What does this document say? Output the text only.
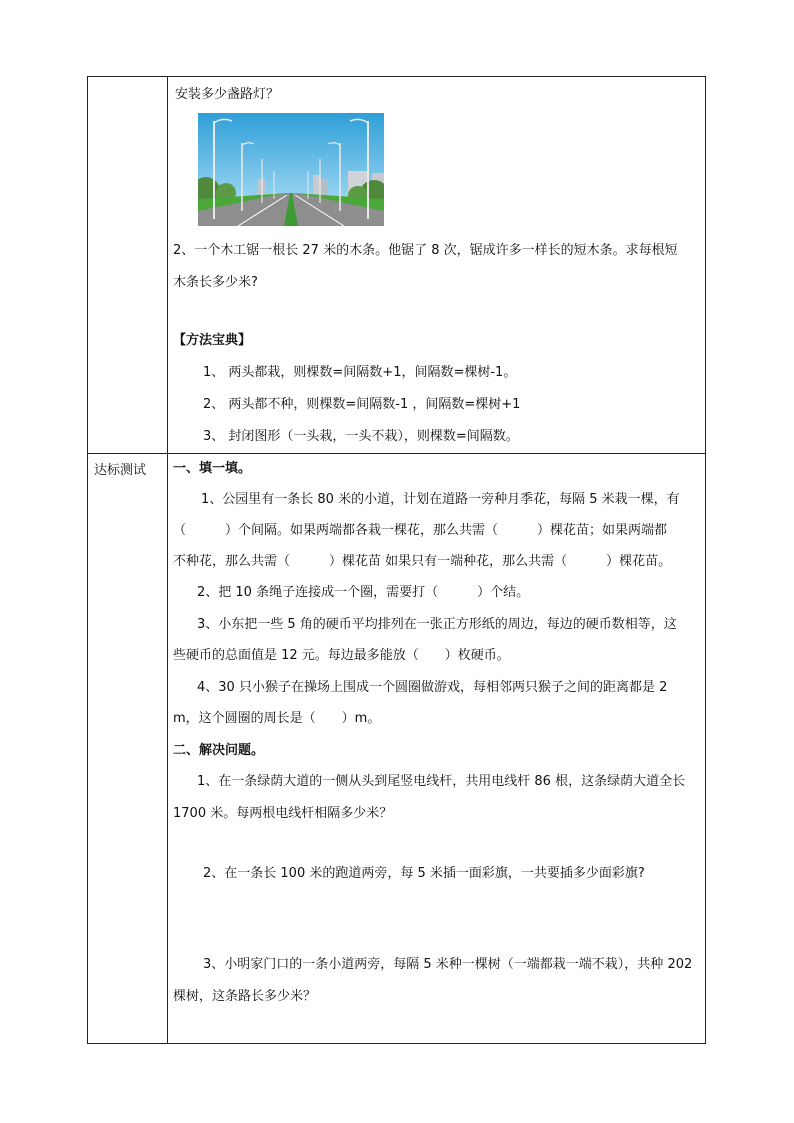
达标测试
安装多少盏路灯？
2、一个木工锯一根长 27 米的木条。他锯了 8 次，锯成许多一样长的短木条。求每根短
木条长多少米?
【方法宝典】
1、 两头都栽，则棵数=间隔数+1，间隔数=棵树-1。
2、 两头都不种，则棵数=间隔数-1 ，间隔数=棵树+1
3、 封闭图形（一头栽，一头不栽），则棵数=间隔数。
一、填一填。
1、公园里有一条长 80 米的小道，计划在道路一旁种月季花，每隔 5 米栽一棵，有
（　　　）个间隔。如果两端都各栽一棵花，那么共需（　　　）棵花苗；如果两端都
不种花，那么共需（　　　）棵花苗 如果只有一端种花，那么共需（　　　）棵花苗。
2、把 10 条绳子连接成一个圈，需要打（　　　）个结。
3、小东把一些 5 角的硬币平均排列在一张正方形纸的周边，每边的硬币数相等，这
些硬币的总面值是 12 元。每边最多能放（　　）枚硬币。
4、30 只小猴子在操场上围成一个圆圈做游戏，每相邻两只猴子之间的距离都是 2
m，这个圆圈的周长是（　　）m。
二、解决问题。
1、在一条绿荫大道的一侧从头到尾竖电线杆，共用电线杆 86 根，这条绿荫大道全长
1700 米。每两根电线杆相隔多少米？
2、在一条长 100 米的跑道两旁，每 5 米插一面彩旗，一共要插多少面彩旗?
3、小明家门口的一条小道两旁，每隔 5 米种一棵树（一端都栽一端不栽），共种 202
棵树，这条路长多少米？
